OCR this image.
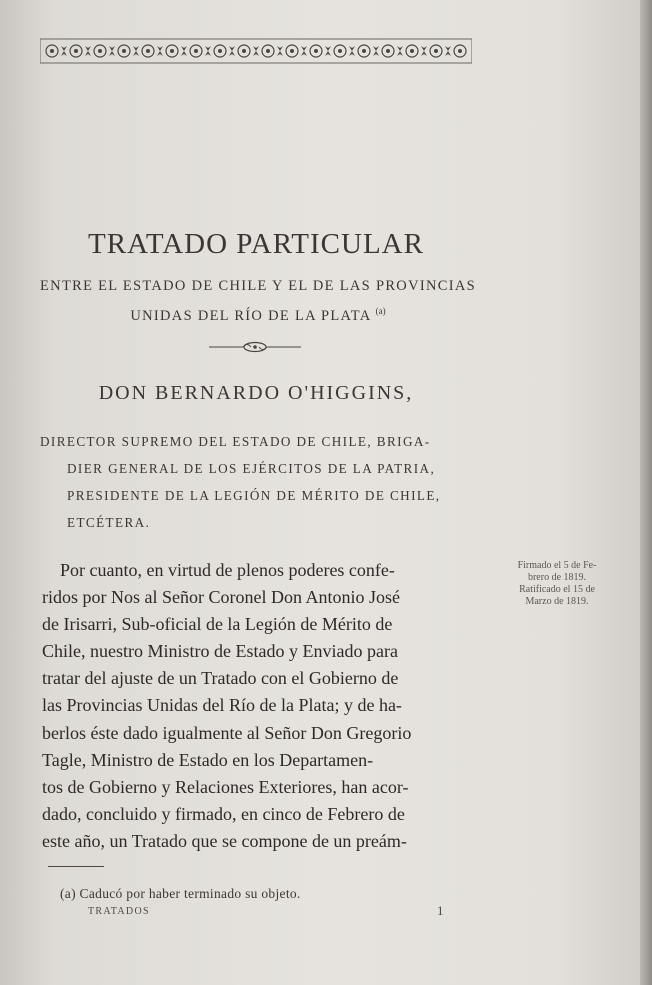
TRATADO PARTICULAR
ENTRE EL ESTADO DE CHILE Y EL DE LAS PROVINCIAS
UNIDAS DEL RÍO DE LA PLATA $^{(a)}$
DON BERNARDO O'HIGGINS,
DIRECTOR SUPREMO DEL ESTADO DE CHILE, BRIGA-
DIER GENERAL DE LOS EJÉRCITOS DE LA PATRIA,
PRESIDENTE DE LA LEGIÓN DE MÉRITO DE CHILE,
ETCÉTERA.
Por cuanto, en virtud de plenos poderes confe-
ridos por Nos al Señor Coronel Don Antonio José
de Irisarri, Sub-oficial de la Legión de Mérito de
Chile, nuestro Ministro de Estado y Enviado para
tratar del ajuste de un Tratado con el Gobierno de
las Provincias Unidas del Río de la Plata; y de ha-
berlos éste dado igualmente al Señor Don Gregorio
Tagle, Ministro de Estado en los Departamen-
tos de Gobierno y Relaciones Exteriores, han acor-
dado, concluido y firmado, en cinco de Febrero de
este año, un Tratado que se compone de un preám-
Firmado el 5 de Fe-
brero de 1819.
Ratificado el 15 de
Marzo de 1819.
(a) Caducó por haber terminado su objeto.
TRATADOS	1
